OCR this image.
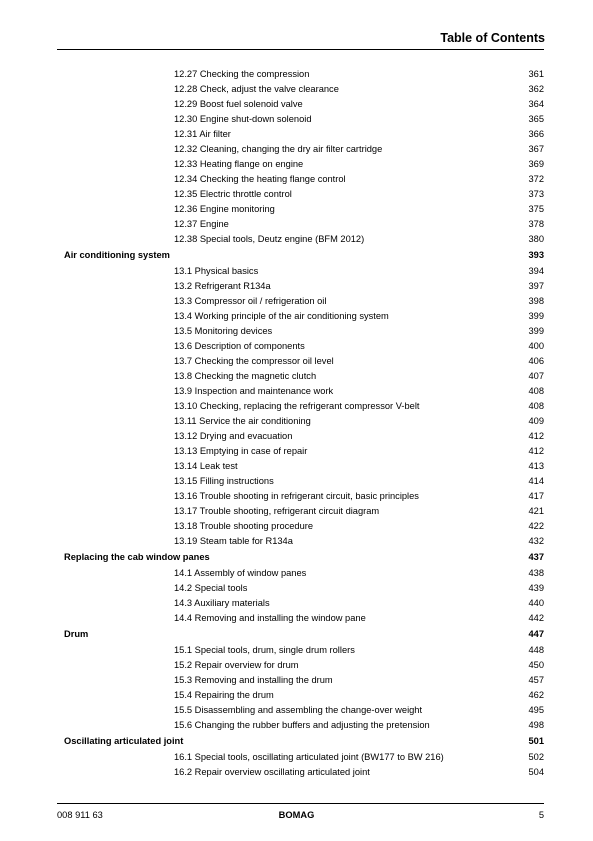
Table of Contents
12.27 Checking the compression	361
12.28 Check, adjust the valve clearance	362
12.29 Boost fuel solenoid valve	364
12.30 Engine shut-down solenoid	365
12.31 Air filter	366
12.32 Cleaning, changing the dry air filter cartridge	367
12.33 Heating flange on engine	369
12.34 Checking the heating flange control	372
12.35 Electric throttle control	373
12.36 Engine monitoring	375
12.37 Engine	378
12.38 Special tools, Deutz engine (BFM 2012)	380
Air conditioning system	393
13.1 Physical basics	394
13.2 Refrigerant R134a	397
13.3 Compressor oil / refrigeration oil	398
13.4 Working principle of the air conditioning system	399
13.5 Monitoring devices	399
13.6 Description of components	400
13.7 Checking the compressor oil level	406
13.8 Checking the magnetic clutch	407
13.9 Inspection and maintenance work	408
13.10 Checking, replacing the refrigerant compressor V-belt	408
13.11 Service the air conditioning	409
13.12 Drying and evacuation	412
13.13 Emptying in case of repair	412
13.14 Leak test	413
13.15 Filling instructions	414
13.16 Trouble shooting in refrigerant circuit, basic principles	417
13.17 Trouble shooting, refrigerant circuit diagram	421
13.18 Trouble shooting procedure	422
13.19 Steam table for R134a	432
Replacing the cab window panes	437
14.1 Assembly of window panes	438
14.2 Special tools	439
14.3 Auxiliary materials	440
14.4 Removing and installing the window pane	442
Drum	447
15.1 Special tools, drum, single drum rollers	448
15.2 Repair overview for drum	450
15.3 Removing and installing the drum	457
15.4 Repairing the drum	462
15.5 Disassembling and assembling the change-over weight	495
15.6 Changing the rubber buffers and adjusting the pretension	498
Oscillating articulated joint	501
16.1 Special tools, oscillating articulated joint (BW177 to BW 216)	502
16.2 Repair overview oscillating articulated joint	504
008 911 63	BOMAG	5
